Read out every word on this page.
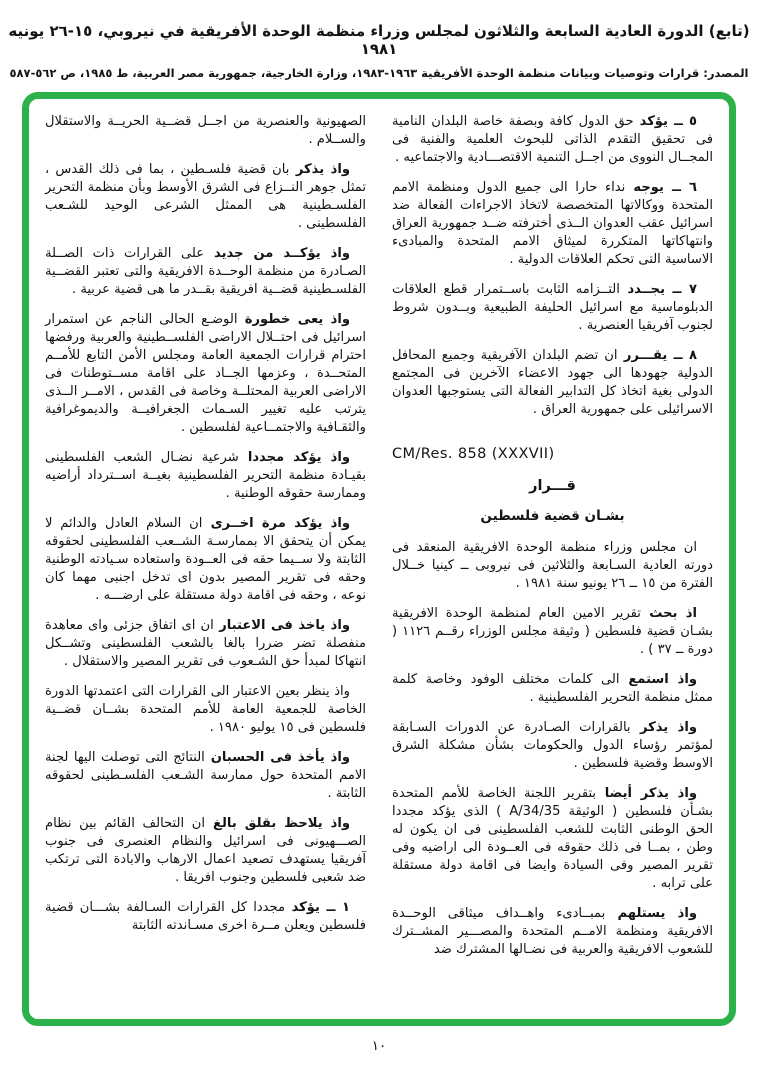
(تابع) الدورة العادية السابعة والثلاثون لمجلس وزراء منظمة الوحدة الأفريقية في نيروبي، ١٥-٢٦ يونيه ١٩٨١
المصدر: قرارات وتوصيات وبيانات منظمة الوحدة الأفريقية ١٩٦٣-١٩٨٣، وزارة الخارجية، جمهورية مصر العربية، ط ١٩٨٥، ص ٥٦٢-٥٨٧

٥ ــ يؤكد حق الدول كافة وبصفة خاصة البلدان النامية فى تحقيق التقدم الذاتى للبحوث العلمية والفنية فى المجــال النووى من اجــل التنمية الاقتصـــادية والاجتماعيه .

٦ ــ يوجه نداء حارا الى جميع الدول ومنظمة الامم المتحدة ووكالاتها المتخصصة لاتخاذ الاجراءات الفعالة ضد اسرائيل عقب العدوان الــذى أخترفته ضــد جمهورية العراق وانتهاكاتها المتكررة لميثاق الامم المتحدة والمبادىء الاساسية التى تحكم العلاقات الدولية .

٧ ــ يجــدد التــزامه الثابت باســتمرار قطع العلاقات الدبلوماسية مع اسرائيل الحليفة الطبيعية وبــدون شروط لجنوب آفريقيا العنصرية .

٨ ــ يقـــرر ان تضم البلدان الآفريقية وجميع المحافل الدولية جهودها الى جهود الاعضاء الآخرين فى المجتمع الدولى بغية اتخاذ كل التدابير الفعالة التى يستوجبها العدوان الاسرائيلى على جمهورية العراق .

CM/Res. 858 (XXXVII)

قـــرار

بشـان قضية فلسطين

ان مجلس وزراء منظمة الوحدة الافريقية المنعقد فى دورته العادية السـابعة والثلاثين فى نيروبى ــ كينيا خــلال الفترة من ١٥ ــ ٢٦ يونيو سنة ١٩٨١ .

اذ بحث تقرير الامين العام لمنظمة الوحدة الافريقية بشـان قضية فلسطين ( وثيقة مجلس الوزراء رقــم ١١٢٦ ( دورة ــ ٣٧ ) .

واذ استمع الى كلمات مختلف الوفود وخاصة كلمة ممثل منظمة التحرير الفلسطينية .

واذ يذكر بالقرارات الصـادرة عن الدورات السـابقة لمؤتمر رؤساء الدول والحكومات بشأن مشكلة الشرق الاوسط وقضية فلسطين .

واذ يذكر أيضا بتقرير اللجنة الخاصة للأمم المتحدة بشـأن فلسطين ( الوثيقة A/34/35 ) الذى يؤكد مجددا الحق الوطنى الثابت للشعب الفلسطينى فى ان يكون له وطن ، بمــا فى ذلك حقوقه فى العــودة الى اراضيه وفى تقرير المصير وفى السيادة وايضا فى اقامة دولة مستقلة على ترابه .

واذ يستلهم بمبــادىء واهــداف ميثاقى الوحــدة الافريقية ومنظمة الامــم المتحدة والمصـــير المشــترك للشعوب الافريقية والعربية فى نضـالها المشترك ضد

الصهيونية والعنصرية من اجــل قضــية الحريــة والاستقلال والســلام .

واذ يذكر بان قضية فلسـطين ، بما فى ذلك القدس ، تمثل جوهر النــزاع فى الشرق الأوسط وبأن منظمة التحرير الفلسـطينية هى الممثل الشرعى الوحيد للشـعب الفلسطينى .

واذ يؤكــد من جديد على القرارات ذات الصــلة الصـادرة من منظمة الوحــدة الافريقية والتى تعتبر القضــية الفلسـطينية قضــية افريقية بقــدر ما هى قضية عربية .

واذ يعى خطورة الوضـع الحالى الناجم عن استمرار اسرائيل فى احتــلال الاراضى الفلســطينية والعربية ورفضها احترام قرارات الجمعية العامة ومجلس الأمن التابع للأمــم المتحــدة ، وعزمها الجــاد على اقامة مســتوطنات فى الاراضى العربية المحتلــة وخاصة فى القدس ، الامــر الــذى يترتب عليه تغيير السـمات الجغرافيــة والديموغرافية والثقـافية والاجتمــاعية لفلسطين .

واذ يؤكد مجددا شرعية نضـال الشعب الفلسطينى بقيـادة منظمة التحرير الفلسطينية بغيــة اســترداد أراضيه وممارسة حقوقه الوطنية .

واذ يؤكد مرة اخــرى ان السلام العادل والدائم لا يمكن أن يتحقق الا بممارسـة الشــعب الفلسطينى لحقوقه الثابتة ولا ســيما حقه فى العــودة واستعاده سـيادته الوطنية وحقه فى تقرير المصير بدون اى تدخل اجنبى مهما كان نوعه ، وحقه فى اقامة دولة مستقلة على ارضـــه .

واذ ياخذ فى الاعتبار ان اى اتفاق جزئى واى معاهدة منفصلة تضر ضررا بالغا بالشعب الفلسطينى وتشــكل انتهاكا لمبدأ حق الشـعوب فى تقرير المصير والاستقلال .

واذ ينظر بعين الاعتبار الى القرارات التى اعتمدتها الدورة الخاصة للجمعية العامة للأمم المتحدة بشــان قضــية فلسطين فى ١٥ يوليو ١٩٨٠ .

واذ يأخذ فى الحسبان النتائج التى توصلت اليها لجنة الامم المتحدة حول ممارسة الشـعب الفلسـطينى لحقوقه الثابتة .

واذ يلاحظ بقلق بالغ ان التحالف القائم بين نظام الصـــهيونى فى اسرائيل والنظام العنصرى فى جنوب آفريقيا يستهدف تصعيد اعمال الارهاب والابادة التى ترتكب ضد شعبى فلسطين وجنوب افريقا .

١ ــ يؤكد مجددا كل القرارات السـالفة بشـــان قضية فلسطين ويعلن مــرة اخرى مسـاندته الثابتة

١٠
